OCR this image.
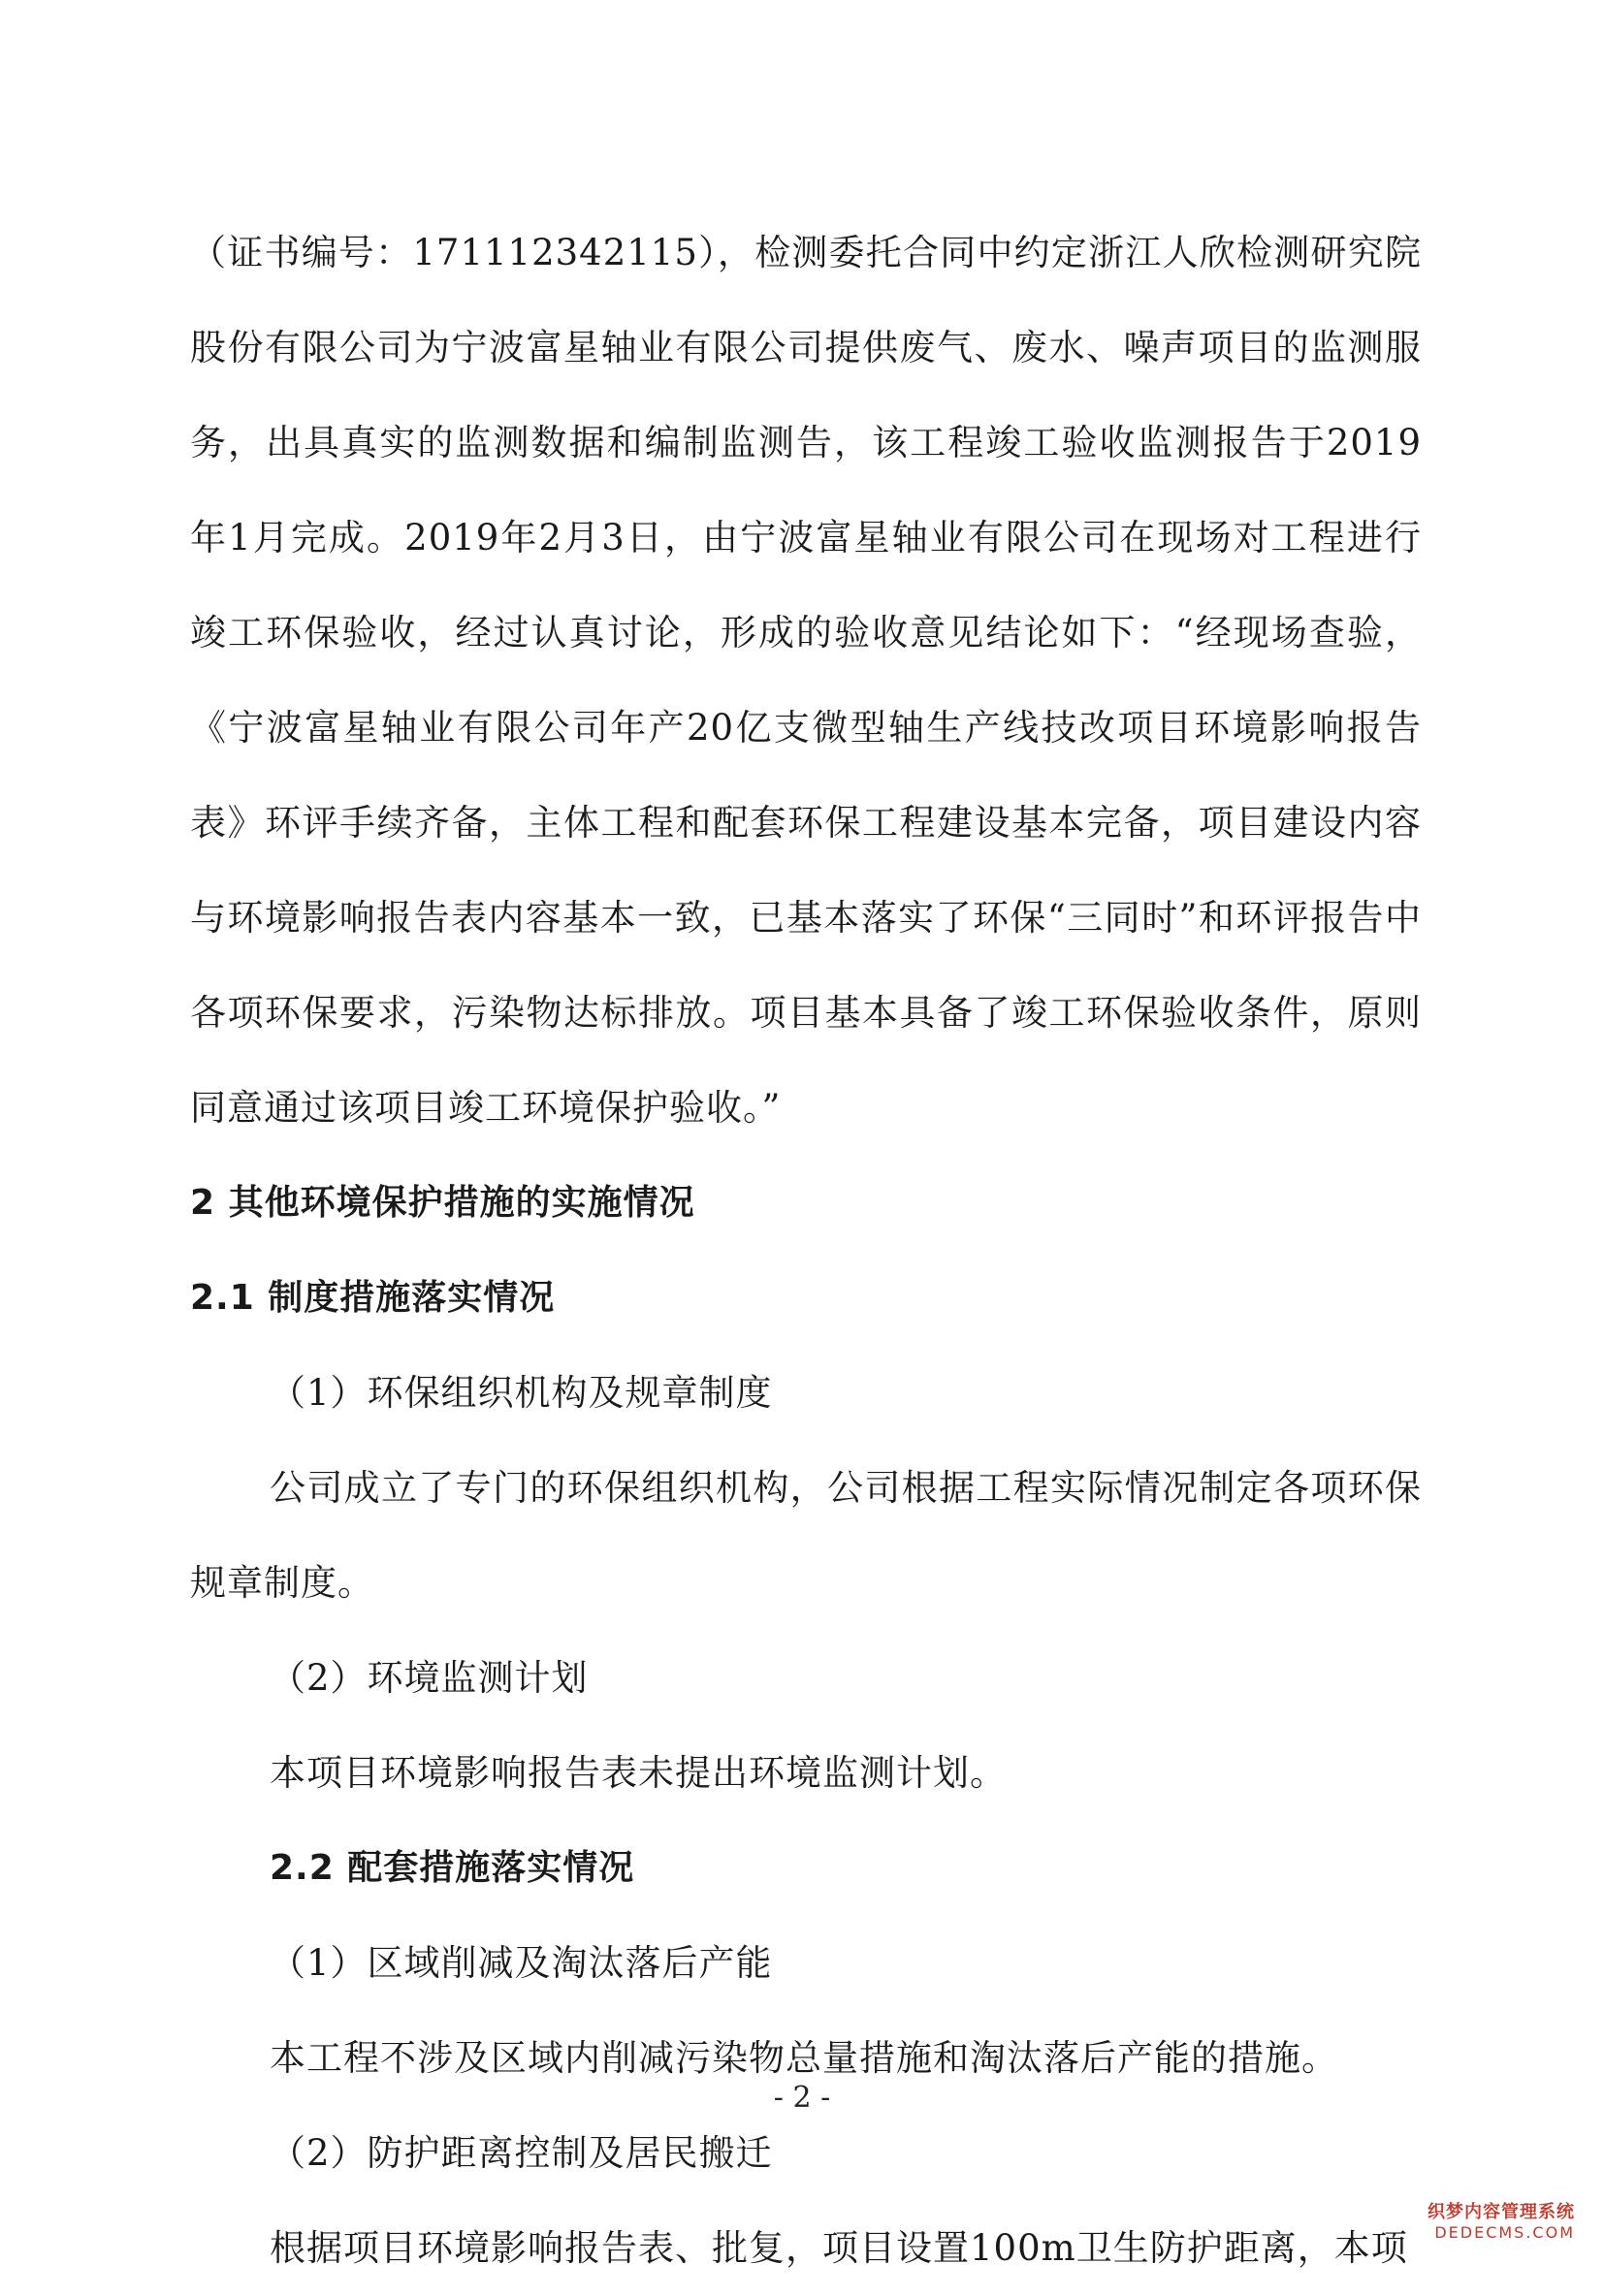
（证书编号：171112342115），检测委托合同中约定浙江人欣检测研究院股份有限公司为宁波富星轴业有限公司提供废气、废水、噪声项目的监测服务，出具真实的监测数据和编制监测告，该工程竣工验收监测报告于2019年1月完成。2019年2月3日，由宁波富星轴业有限公司在现场对工程进行竣工环保验收，经过认真讨论，形成的验收意见结论如下：“经现场查验，《宁波富星轴业有限公司年产20亿支微型轴生产线技改项目环境影响报告表》环评手续齐备，主体工程和配套环保工程建设基本完备，项目建设内容与环境影响报告表内容基本一致，已基本落实了环保“三同时”和环评报告中各项环保要求，污染物达标排放。项目基本具备了竣工环保验收条件，原则同意通过该项目竣工环境保护验收。”

2 其他环境保护措施的实施情况
2.1 制度措施落实情况

（1）环保组织机构及规章制度

公司成立了专门的环保组织机构，公司根据工程实际情况制定各项环保规章制度。

（2）环境监测计划

本项目环境影响报告表未提出环境监测计划。

2.2 配套措施落实情况

（1）区域削减及淘汰落后产能

本工程不涉及区域内削减污染物总量措施和淘汰落后产能的措施。

（2）防护距离控制及居民搬迁

根据项目环境影响报告表、批复，项目设置100m卫生防护距离，本项

- 2 -
织梦内容管理系统
DEDECMS.COM
